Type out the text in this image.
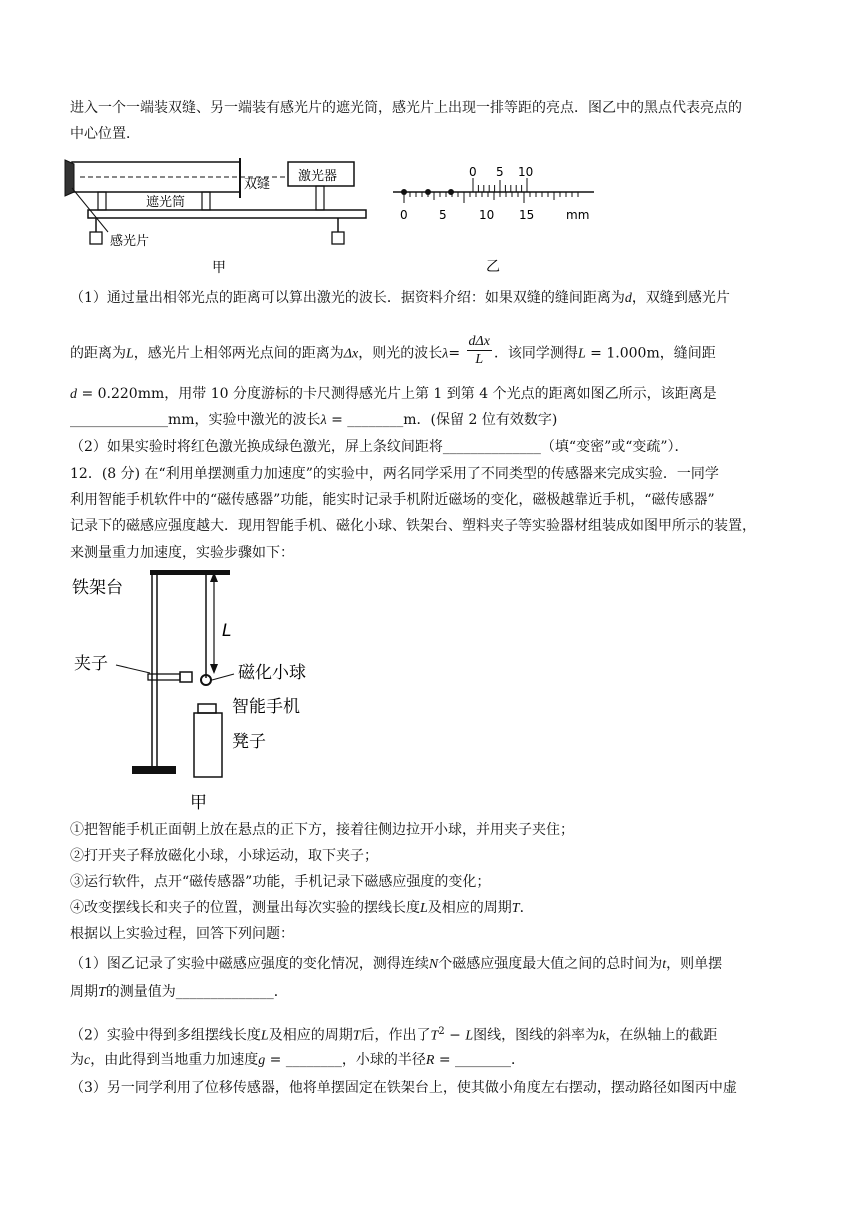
进入一个一端装双缝、另一端装有感光片的遮光筒，感光片上出现一排等距的亮点．图乙中的黑点代表亮点的
中心位置．
双缝
激光器
遮光筒
感光片
甲
0 5 10
0	5	10 15	mm
乙
（1）通过量出相邻光点的距离可以算出激光的波长．据资料介绍：如果双缝的缝间距离为d，双缝到感光片
的距离为L，感光片上相邻两光点间的距离为Δx，则光的波长λ=
dΔx
L ．该同学测得L = 1.000m，缝间距
d = 0.220mm，用带 10 分度游标的卡尺测得感光片上第 1 到第 4 个光点的距离如图乙所示，该距离是
______________mm，实验中激光的波长λ = ________m．(保留 2 位有效数字)
（2）如果实验时将红色激光换成绿色激光，屏上条纹间距将______________（填“变密”或“变疏”）．
12．(8 分) 在“利用单摆测重力加速度”的实验中，两名同学采用了不同类型的传感器来完成实验．一同学
利用智能手机软件中的“磁传感器”功能，能实时记录手机附近磁场的变化，磁极越靠近手机，“磁传感器”
记录下的磁感应强度越大．现用智能手机、磁化小球、铁架台、塑料夹子等实验器材组装成如图甲所示的装置，
来测量重力加速度，实验步骤如下：
铁架台
L
夹子	磁化小球
智能手机
凳子
甲
①把智能手机正面朝上放在悬点的正下方，接着往侧边拉开小球，并用夹子夹住；
②打开夹子释放磁化小球，小球运动，取下夹子；
③运行软件，点开“磁传感器”功能，手机记录下磁感应强度的变化；
④改变摆线长和夹子的位置，测量出每次实验的摆线长度L及相应的周期T．
根据以上实验过程，回答下列问题：
（1）图乙记录了实验中磁感应强度的变化情况，测得连续N个磁感应强度最大值之间的总时间为t，则单摆
周期T的测量值为______________．
（2）实验中得到多组摆线长度L及相应的周期T后，作出了$T^2 - L$图线，图线的斜率为k，在纵轴上的截距
为c，由此得到当地重力加速度g = ________，小球的半径R = ________．
（3）另一同学利用了位移传感器，他将单摆固定在铁架台上，使其做小角度左右摆动，摆动路径如图丙中虚
